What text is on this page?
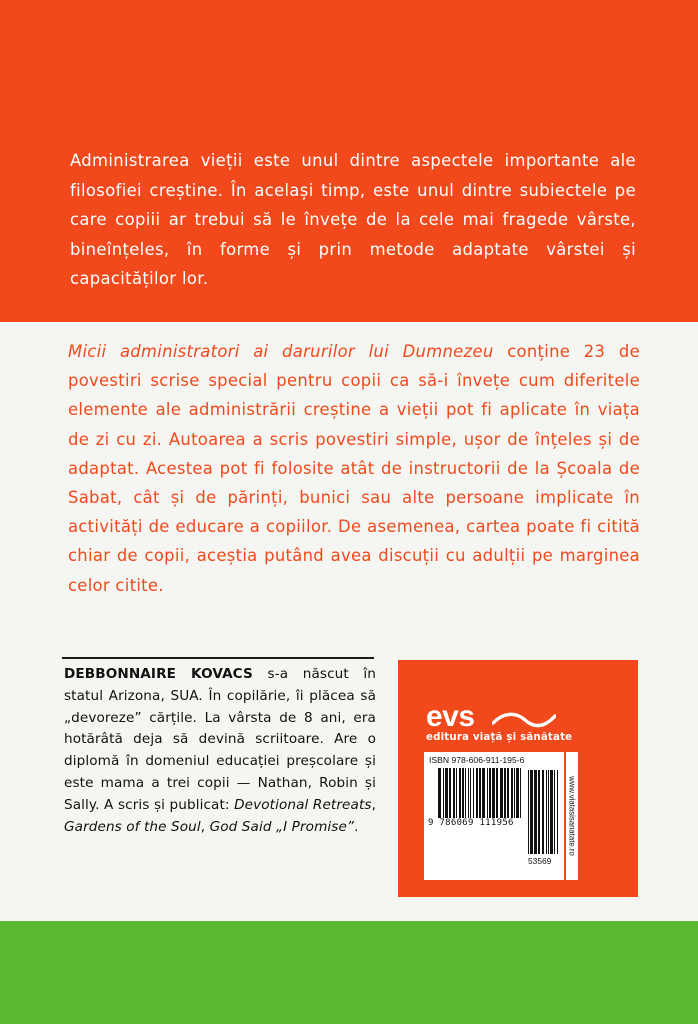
Administrarea vieții este unul dintre aspectele importante ale filosofiei creștine. În același timp, este unul dintre subiectele pe care copiii ar trebui să le învețe de la cele mai fragede vârste, bineînțeles, în forme și prin metode adaptate vârstei și capacităților lor.

Micii administratori ai darurilor lui Dumnezeu conține 23 de povestiri scrise special pentru copii ca să-i învețe cum diferitele elemente ale administrării creștine a vieții pot fi aplicate în viața de zi cu zi. Autoarea a scris povestiri simple, ușor de înțeles și de adaptat. Acestea pot fi folosite atât de instructorii de la Școala de Sabat, cât și de părinți, bunici sau alte persoane implicate în activități de educare a copiilor. De asemenea, cartea poate fi citită chiar de copii, aceștia putând avea discuții cu adulții pe marginea celor citite.

DEBBONNAIRE KOVACS s-a născut în statul Arizona, SUA. În copilărie, îi plăcea să „devoreze” cărțile. La vârsta de 8 ani, era hotărâtă deja să devină scriitoare. Are o diplomă în domeniul educației preșcolare și este mama a trei copii — Nathan, Robin și Sally. A scris și publicat: Devotional Retreats, Gardens of the Soul, God Said „I Promise”.

evs
editura viață și sănătate
ISBN 978-606-911-195-6
9 786069 111956
53569
www.viatasisanatate.ro
